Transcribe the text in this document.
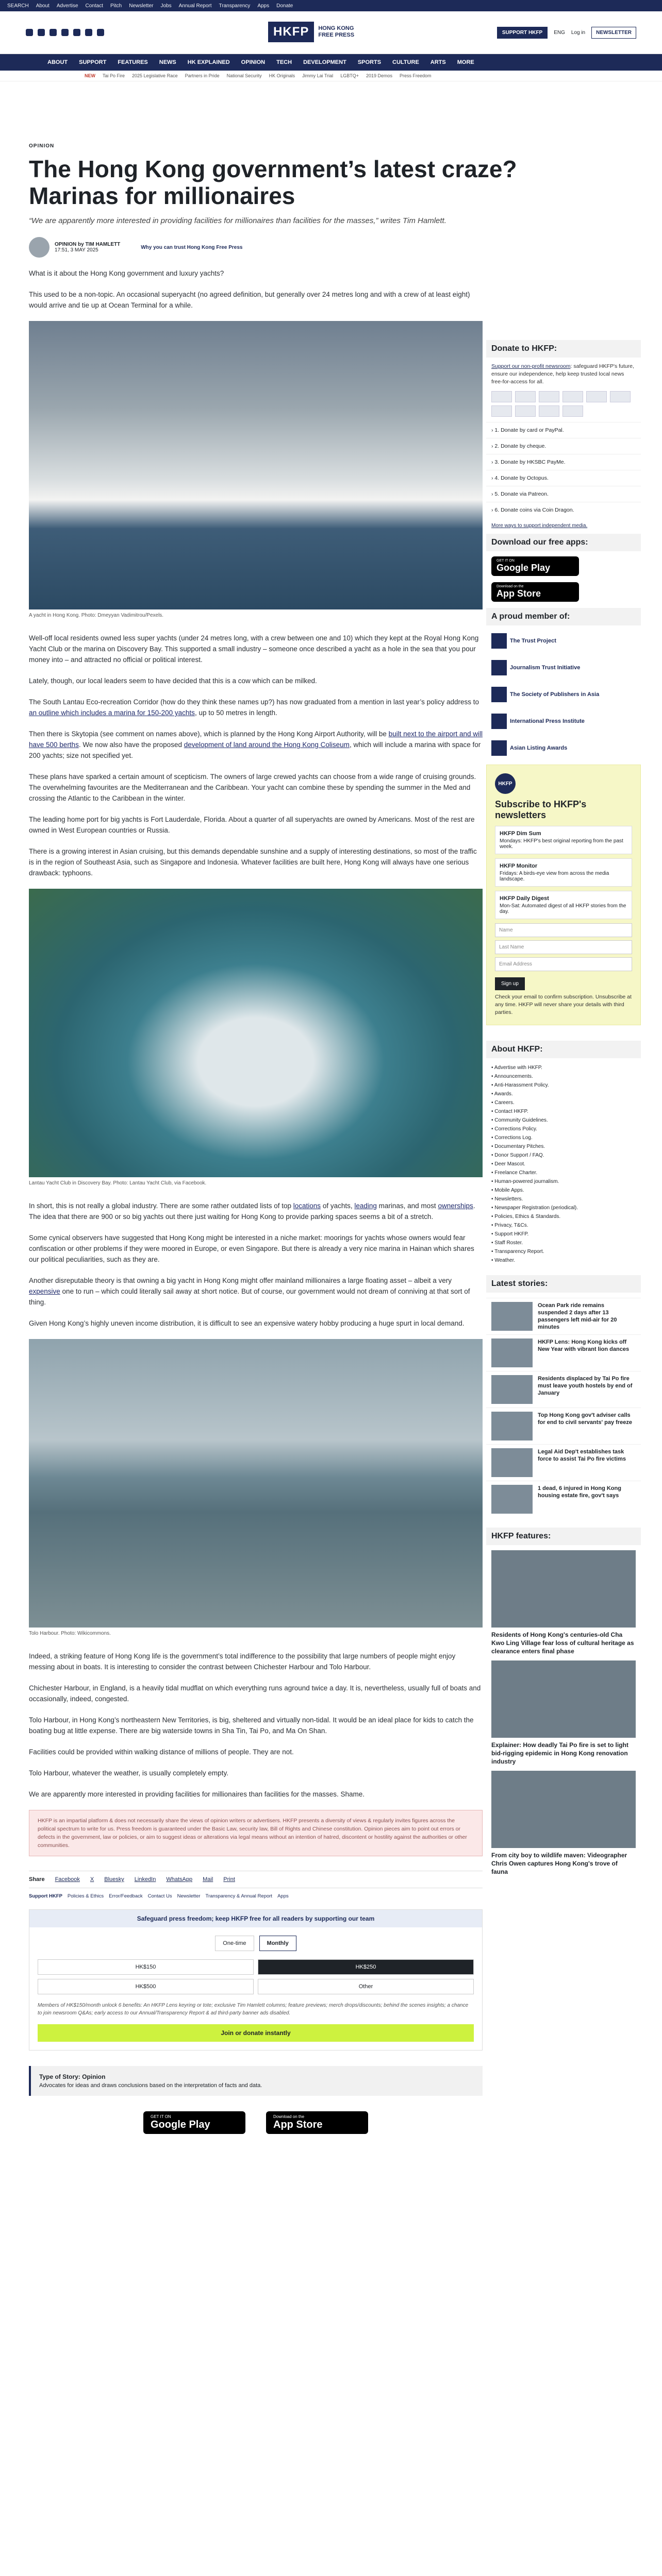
SEARCH About Advertise Contact Pitch Newsletter Jobs Annual Report Transparency Apps Donate
HKFP	HONG KONG
FREE PRESS	SUPPORT HKFP	ENG Log in	NEWSLETTER
ABOUT SUPPORT FEATURES NEWS HK EXPLAINED OPINION TECH DEVELOPMENT SPORTS CULTURE ARTS MORE
NEW Tai Po Fire 2025 Legislative Race Partners in Pride National Security HK Originals Jimmy Lai Trial LGBTQ+ 2019 Demos Press Freedom
OPINION
The Hong Kong government’s latest craze? Marinas for millionaires
“We are apparently more interested in providing facilities for millionaires than facilities for the masses,” writes Tim Hamlett.
OPINION by TIM HAMLETT
17:51, 3 MAY 2025	Why you can trust Hong Kong Free Press

What is it about the Hong Kong government and luxury yachts?

This used to be a non-topic. An occasional superyacht (no agreed definition, but generally over 24 metres long and with a crew of at least eight) would arrive and tie up at Ocean Terminal for a while.

A yacht in Hong Kong. Photo: Dmeyyan Vadimitrou/Pexels.

Well-off local residents owned less super yachts (under 24 metres long, with a crew between one and 10) which they kept at the Royal Hong Kong Yacht Club or the marina on Discovery Bay. This supported a small industry – someone once described a yacht as a hole in the sea that you pour money into – and attracted no official or political interest.

Lately, though, our local leaders seem to have decided that this is a cow which can be milked.

The South Lantau Eco-recreation Corridor (how do they think these names up?) has now graduated from a mention in last year’s policy address to an outline which includes a marina for 150-200 yachts, up to 50 metres in length.

Then there is Skytopia (see comment on names above), which is planned by the Hong Kong Airport Authority, will be built next to the airport and will have 500 berths. We now also have the proposed development of land around the Hong Kong Coliseum, which will include a marina with space for 200 yachts; size not specified yet.

These plans have sparked a certain amount of scepticism. The owners of large crewed yachts can choose from a wide range of cruising grounds. The overwhelming favourites are the Mediterranean and the Caribbean. Your yacht can combine these by spending the summer in the Med and crossing the Atlantic to the Caribbean in the winter.

The leading home port for big yachts is Fort Lauderdale, Florida. About a quarter of all superyachts are owned by Americans. Most of the rest are owned in West European countries or Russia.

There is a growing interest in Asian cruising, but this demands dependable sunshine and a supply of interesting destinations, so most of the traffic is in the region of Southeast Asia, such as Singapore and Indonesia. Whatever facilities are built here, Hong Kong will always have one serious drawback: typhoons.

Lantau Yacht Club in Discovery Bay. Photo: Lantau Yacht Club, via Facebook.

In short, this is not really a global industry. There are some rather outdated lists of top locations of yachts, leading marinas, and most ownerships. The idea that there are 900 or so big yachts out there just waiting for Hong Kong to provide parking spaces seems a bit of a stretch.

Some cynical observers have suggested that Hong Kong might be interested in a niche market: moorings for yachts whose owners would fear confiscation or other problems if they were moored in Europe, or even Singapore. But there is already a very nice marina in Hainan which shares our political peculiarities, such as they are.

Another disreputable theory is that owning a big yacht in Hong Kong might offer mainland millionaires a large floating asset – albeit a very expensive one to run – which could literally sail away at short notice. But of course, our government would not dream of conniving at that sort of thing.

Given Hong Kong’s highly uneven income distribution, it is difficult to see an expensive watery hobby producing a huge spurt in local demand.

Tolo Harbour. Photo: Wikicommons.

Indeed, a striking feature of Hong Kong life is the government’s total indifference to the possibility that large numbers of people might enjoy messing about in boats. It is interesting to consider the contrast between Chichester Harbour and Tolo Harbour.

Chichester Harbour, in England, is a heavily tidal mudflat on which everything runs aground twice a day. It is, nevertheless, usually full of boats and occasionally, indeed, congested.

Tolo Harbour, in Hong Kong’s northeastern New Territories, is big, sheltered and virtually non-tidal. It would be an ideal place for kids to catch the boating bug at little expense. There are big waterside towns in Sha Tin, Tai Po, and Ma On Shan.

Facilities could be provided within walking distance of millions of people. They are not.

Tolo Harbour, whatever the weather, is usually completely empty.

We are apparently more interested in providing facilities for millionaires than facilities for the masses. Shame.

HKFP is an impartial platform & does not necessarily share the views of opinion writers or advertisers. HKFP presents a diversity of views & regularly invites figures across the political spectrum to write for us. Press freedom is guaranteed under the Basic Law, security law, Bill of Rights and Chinese constitution. Opinion pieces aim to point out errors or defects in the government, law or policies, or aim to suggest ideas or alterations via legal means without an intention of hatred, discontent or hostility against the authorities or other communities.
Share Facebook X Bluesky LinkedIn WhatsApp Mail Print
Support HKFP Policies & Ethics Error/Feedback Contact Us Newsletter Transparency & Annual Report Apps
Safeguard press freedom; keep HKFP free for all readers by supporting our team
One-time	Monthly
HK$150	HK$250
HK$500	Other
Members of HK$150/month unlock 6 benefits: An HKFP Lens keyring or tote; exclusive Tim Hamlett columns; feature previews; merch drops/discounts; behind the scenes insights; a chance to join newsroom Q&As; early access to our Annual/Transparency Report & ad third-party banner ads disabled.
Join or donate instantly
Type of Story: Opinion
Advocates for ideas and draws conclusions based on the interpretation of facts and data.
GET IT ON
Google Play
Download on the
App Store
Donate to HKFP:
Support our non-profit newsroom: safeguard HKFP's future, ensure our independence, help keep trusted local news free-for-access for all.
› 1. Donate by card or PayPal.
› 2. Donate by cheque.
› 3. Donate by HKSBC PayMe.
› 4. Donate by Octopus.
› 5. Donate via Patreon.
› 6. Donate coins via Coin Dragon.
More ways to support independent media.
Download our free apps:
GET IT ON
Google Play
Download on the
App Store
A proud member of:
The Trust Project
Journalism Trust Initiative
The Society of Publishers in Asia
International Press Institute
Asian Listing Awards
HKFP
Subscribe to HKFP's newsletters
HKFP Dim Sum
Mondays: HKFP's best original reporting from the past week.
HKFP Monitor
Fridays: A birds-eye view from across the media landscape.
HKFP Daily Digest
Mon-Sat: Automated digest of all HKFP stories from the day.
Name
Last Name
Email Address
Sign up
Check your email to confirm subscription. Unsubscribe at any time. HKFP will never share your details with third parties.
About HKFP:
• Advertise with HKFP.
• Announcements.
• Anti-Harassment Policy.
• Awards.
• Careers.
• Contact HKFP.
• Community Guidelines.
• Corrections Policy.
• Corrections Log.
• Documentary Pitches.
• Donor Support / FAQ.
• Deer Mascot.
• Freelance Charter.
• Human-powered journalism.
• Mobile Apps.
• Newsletters.
• Newspaper Registration (periodical).
• Policies, Ethics & Standards.
• Privacy, T&Cs.
• Support HKFP.
• Staff Roster.
• Transparency Report.
• Weather.
Latest stories:
Ocean Park ride remains suspended 2 days after 13 passengers left mid-air for 20 minutes
HKFP Lens: Hong Kong kicks off New Year with vibrant lion dances
Residents displaced by Tai Po fire must leave youth hostels by end of January
Top Hong Kong gov't adviser calls for end to civil servants' pay freeze
Legal Aid Dep't establishes task force to assist Tai Po fire victims
1 dead, 6 injured in Hong Kong housing estate fire, gov't says
HKFP features:
Residents of Hong Kong's centuries-old Cha Kwo Ling Village fear loss of cultural heritage as clearance enters final phase
Explainer: How deadly Tai Po fire is set to light bid-rigging epidemic in Hong Kong renovation industry
From city boy to wildlife maven: Videographer Chris Owen captures Hong Kong's trove of fauna
